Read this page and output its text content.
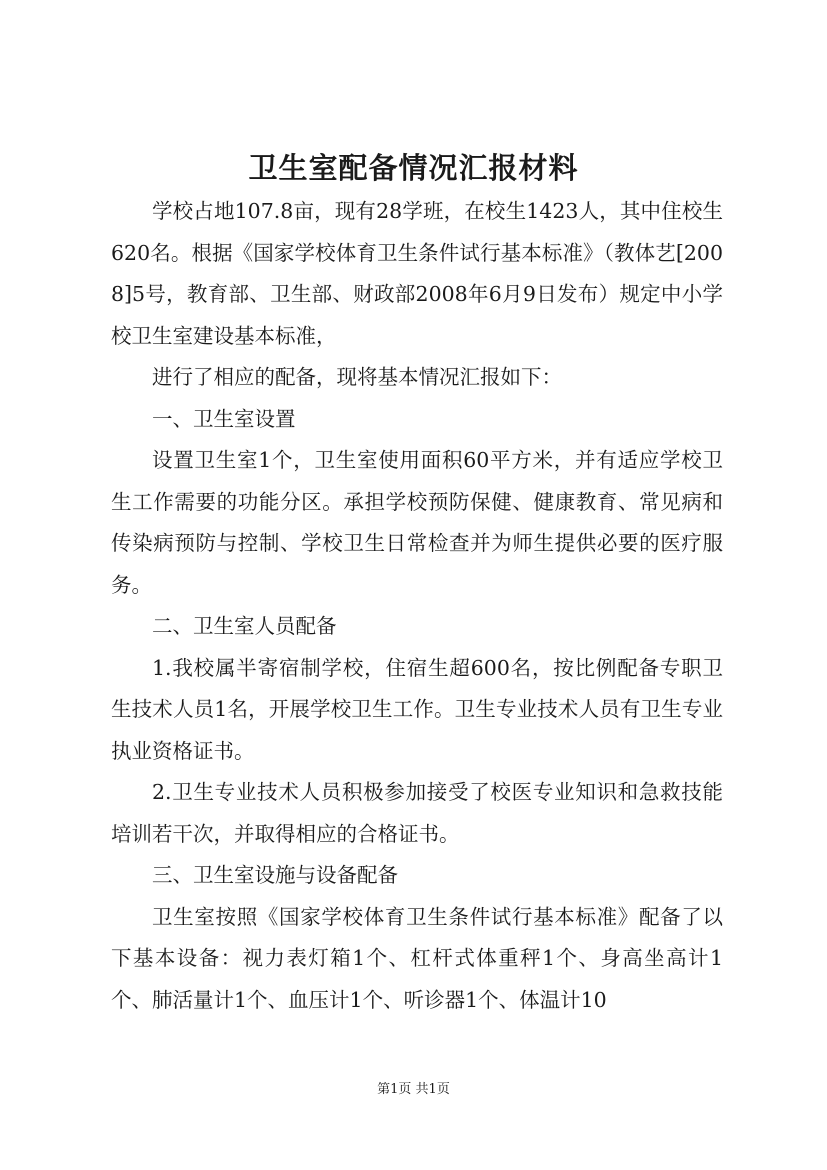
卫生室配备情况汇报材料

学校占地107.8亩，现有28学班，在校生1423人，其中住校生620名。根据《国家学校体育卫生条件试行基本标准》（教体艺[2008]5号，教育部、卫生部、财政部2008年6月9日发布）规定中小学校卫生室建设基本标准，

进行了相应的配备，现将基本情况汇报如下：

一、卫生室设置

设置卫生室1个，卫生室使用面积60平方米，并有适应学校卫生工作需要的功能分区。承担学校预防保健、健康教育、常见病和传染病预防与控制、学校卫生日常检查并为师生提供必要的医疗服务。

二、卫生室人员配备

1.我校属半寄宿制学校，住宿生超600名，按比例配备专职卫生技术人员1名，开展学校卫生工作。卫生专业技术人员有卫生专业执业资格证书。

2.卫生专业技术人员积极参加接受了校医专业知识和急救技能培训若干次，并取得相应的合格证书。

三、卫生室设施与设备配备

卫生室按照《国家学校体育卫生条件试行基本标准》配备了以下基本设备：视力表灯箱1个、杠杆式体重秤1个、身高坐高计1个、肺活量计1个、血压计1个、听诊器1个、体温计10

第1页 共1页
